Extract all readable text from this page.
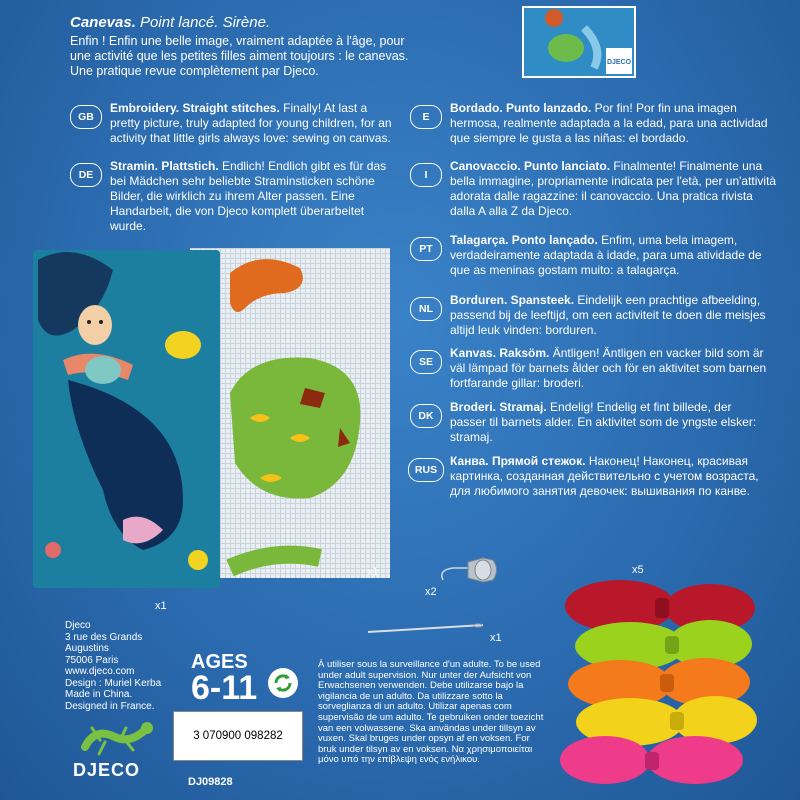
DJECO
Canevas. Point lancé. Sirène.
Enfin ! Enfin une belle image, vraiment adaptée à l'âge, pour une activité que les petites filles aiment toujours : le canevas. Une pratique revue complètement par Djeco.
GB
Embroidery. Straight stitches. Finally! At last a pretty picture, truly adapted for young children, for an activity that little girls always love: sewing on canvas.
DE
Stramin. Plattstich. Endlich! Endlich gibt es für das bei Mädchen sehr beliebte Straminsticken schöne Bilder, die wirklich zu ihrem Alter passen. Eine Handarbeit, die von Djeco komplett überarbeitet wurde.
E
Bordado. Punto lanzado. Por fin! Por fin una imagen hermosa, realmente adaptada a la edad, para una actividad que siempre le gusta a las niñas: el bordado.
I
Canovaccio. Punto lanciato. Finalmente! Finalmente una bella immagine, propriamente indicata per l'età, per un'attività adorata dalle ragazzine: il canovaccio. Una pratica rivista dalla A alla Z da Djeco.
PT
Talagarça. Ponto lançado. Enfim, uma bela imagem, verdadeiramente adaptada à idade, para uma atividade de que as meninas gostam muito: a talagarça.
NL
Borduren. Spansteek. Eindelijk een prachtige afbeelding, passend bij de leeftijd, om een activiteit te doen die meisjes altijd leuk vinden: borduren.
SE
Kanvas. Raksöm. Äntligen! Äntligen en vacker bild som är väl lämpad för barnets ålder och för en aktivitet som barnen fortfarande gillar: broderi.
DK
Broderi. Stramaj. Endelig! Endelig et fint billede, der passer til barnets alder. En aktivitet som de yngste elsker: stramaj.
RUS
Канва. Прямой стежок. Наконец! Наконец, красивая картинка, созданная действительно с учетом возраста, для любимого занятия девочек: вышивания по канве.
x1
x1
x2
x1
x5
Djeco
3 rue des Grands Augustins
75006 Paris
www.djeco.com
Design : Muriel Kerba
Made in China.
Designed in France.
DJECO
AGES
6-11
3 070900 098282
DJ09828
À utiliser sous la surveillance d'un adulte. To be used under adult supervision. Nur unter der Aufsicht von Erwachsenen verwenden. Debe utilizarse bajo la vigilancia de un adulto. Da utilizzare sotto la sorveglianza di un adulto. Utilizar apenas com supervisão de um adulto. Te gebruiken onder toezicht van een volwassene. Ska användas under tillsyn av vuxen. Skal bruges under opsyn af en voksen. For bruk under tilsyn av en voksen. Να χρησιμοποιείται μόνο υπό την επίβλεψη ενός ενήλικου.
